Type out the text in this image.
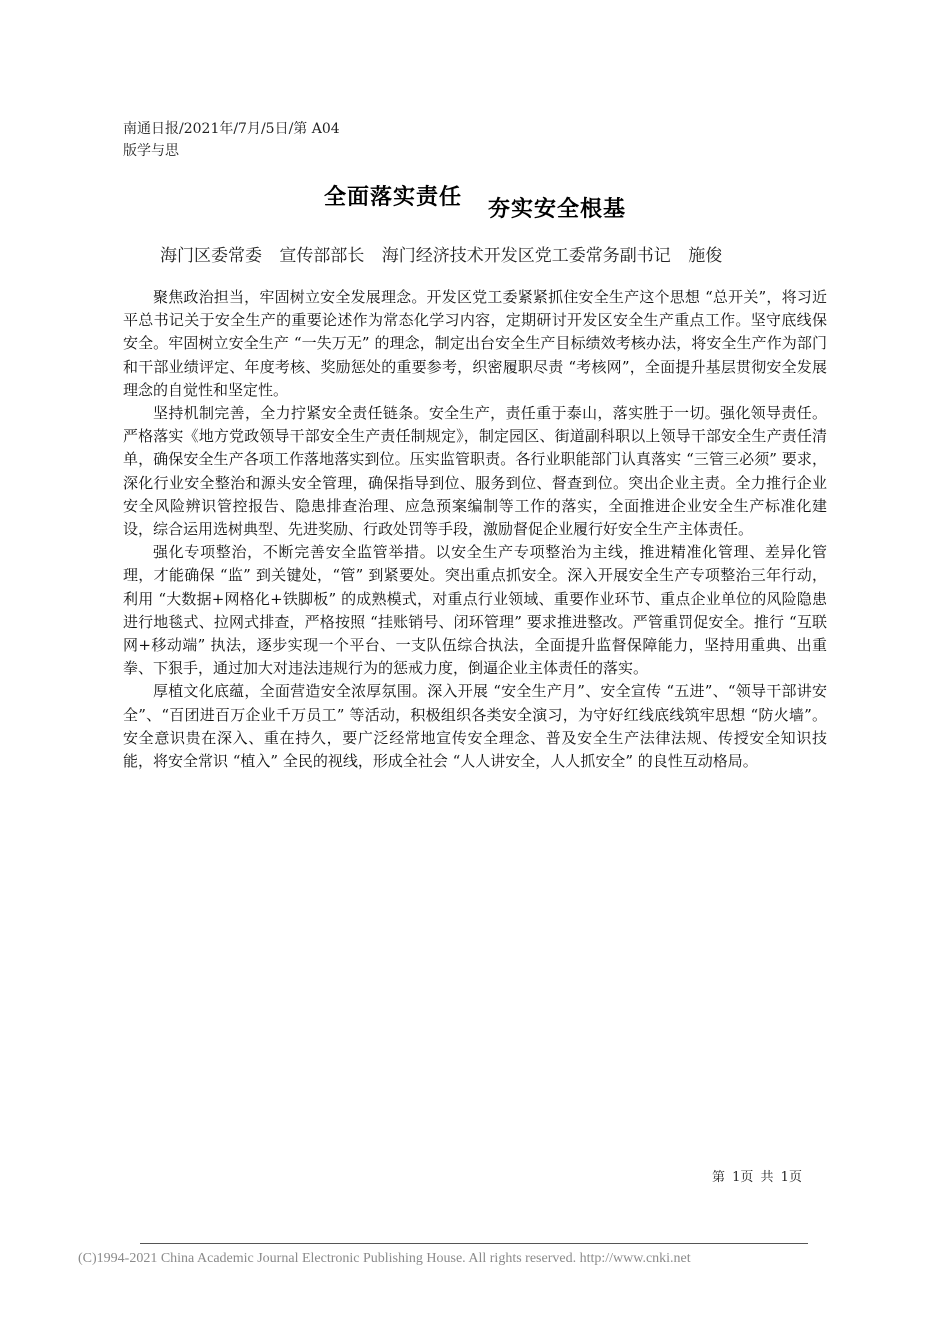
南通日报/2021年/7月/5日/第 A04
版学与思
全面落实责任 夯实安全根基
海门区委常委 宣传部部长 海门经济技术开发区党工委常务副书记 施俊

聚焦政治担当，牢固树立安全发展理念。开发区党工委紧紧抓住安全生产这个思想 “总开关”，将习近平总书记关于安全生产的重要论述作为常态化学习内容，定期研讨开发区安全生产重点工作。坚守底线保安全。牢固树立安全生产 “一失万无” 的理念，制定出台安全生产目标绩效考核办法，将安全生产作为部门和干部业绩评定、年度考核、奖励惩处的重要参考，织密履职尽责 “考核网”，全面提升基层贯彻安全发展理念的自觉性和坚定性。

坚持机制完善，全力拧紧安全责任链条。安全生产，责任重于泰山，落实胜于一切。强化领导责任。严格落实《地方党政领导干部安全生产责任制规定》，制定园区、街道副科职以上领导干部安全生产责任清单，确保安全生产各项工作落地落实到位。压实监管职责。各行业职能部门认真落实 “三管三必须” 要求，深化行业安全整治和源头安全管理，确保指导到位、服务到位、督查到位。突出企业主责。全力推行企业安全风险辨识管控报告、隐患排查治理、应急预案编制等工作的落实，全面推进企业安全生产标准化建设，综合运用选树典型、先进奖励、行政处罚等手段，激励督促企业履行好安全生产主体责任。

强化专项整治，不断完善安全监管举措。以安全生产专项整治为主线，推进精准化管理、差异化管理，才能确保 “监” 到关键处，“管” 到紧要处。突出重点抓安全。深入开展安全生产专项整治三年行动，利用 “大数据+网格化+铁脚板” 的成熟模式，对重点行业领域、重要作业环节、重点企业单位的风险隐患进行地毯式、拉网式排查，严格按照 “挂账销号、闭环管理” 要求推进整改。严管重罚促安全。推行 “互联网+移动端” 执法，逐步实现一个平台、一支队伍综合执法，全面提升监督保障能力，坚持用重典、出重拳、下狠手，通过加大对违法违规行为的惩戒力度，倒逼企业主体责任的落实。

厚植文化底蕴，全面营造安全浓厚氛围。深入开展 “安全生产月”、安全宣传 “五进”、“领导干部讲安全”、“百团进百万企业千万员工” 等活动，积极组织各类安全演习，为守好红线底线筑牢思想 “防火墙”。安全意识贵在深入、重在持久，要广泛经常地宣传安全理念、普及安全生产法律法规、传授安全知识技能，将安全常识 “植入” 全民的视线，形成全社会 “人人讲安全，人人抓安全” 的良性互动格局。

第 1页 共 1页
(C)1994-2021 China Academic Journal Electronic Publishing House. All rights reserved. http://www.cnki.net
